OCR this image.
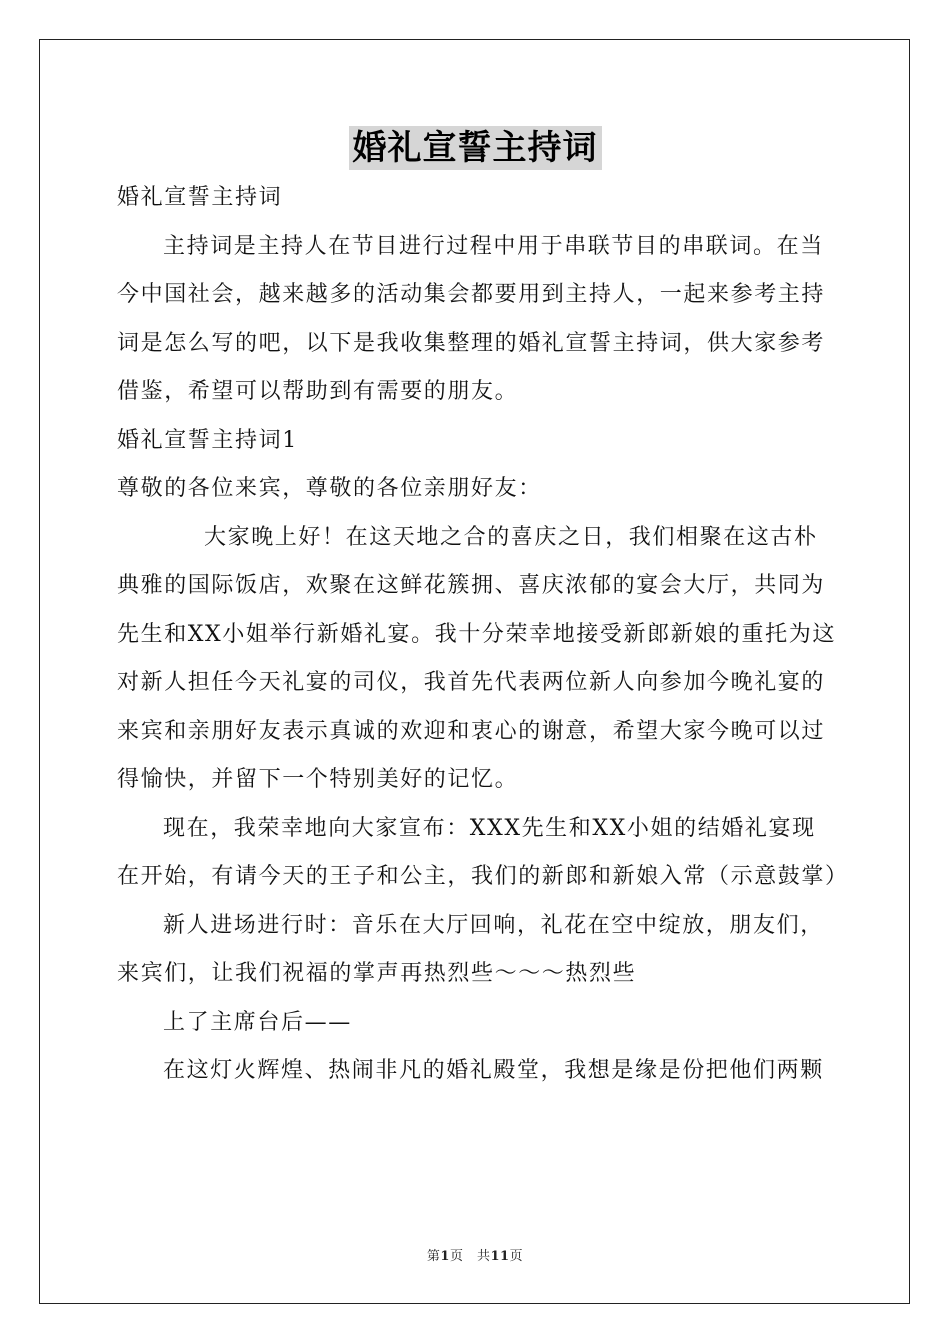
婚礼宣誓主持词

婚礼宣誓主持词

主持词是主持人在节目进行过程中用于串联节目的串联词。在当今中国社会，越来越多的活动集会都要用到主持人，一起来参考主持词是怎么写的吧，以下是我收集整理的婚礼宣誓主持词，供大家参考借鉴，希望可以帮助到有需要的朋友。

婚礼宣誓主持词1

尊敬的各位来宾，尊敬的各位亲朋好友：

大家晚上好！在这天地之合的喜庆之日，我们相聚在这古朴典雅的国际饭店，欢聚在这鲜花簇拥、喜庆浓郁的宴会大厅，共同为先生和XX小姐举行新婚礼宴。我十分荣幸地接受新郎新娘的重托为这对新人担任今天礼宴的司仪，我首先代表两位新人向参加今晚礼宴的来宾和亲朋好友表示真诚的欢迎和衷心的谢意，希望大家今晚可以过得愉快，并留下一个特别美好的记忆。

现在，我荣幸地向大家宣布：XXX先生和XX小姐的结婚礼宴现在开始，有请今天的王子和公主，我们的新郎和新娘入常（示意鼓掌）

新人进场进行时：音乐在大厅回响，礼花在空中绽放，朋友们，来宾们，让我们祝福的掌声再热烈些～～～热烈些

上了主席台后——

在这灯火辉煌、热闹非凡的婚礼殿堂，我想是缘是份把他们两颗

第1页　共11页
